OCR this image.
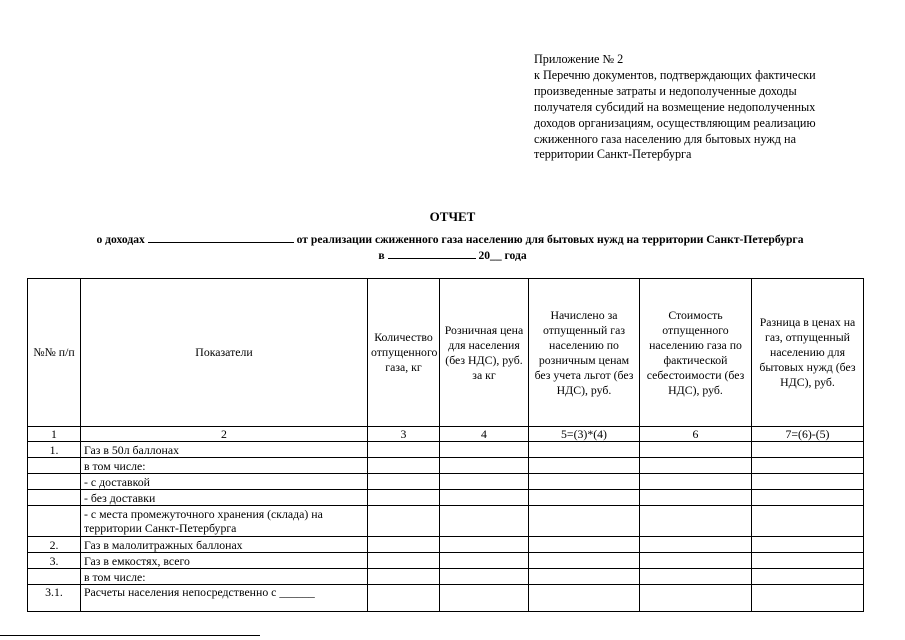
Приложение № 2
к Перечню документов, подтверждающих фактически
произведенные затраты и недополученные доходы
получателя субсидий на возмещение недополученных
доходов организациям, осуществляющим реализацию
сжиженного газа населению для бытовых нужд на
территории Санкт-Петербурга
ОТЧЕТ
о доходах	от реализации сжиженного газа населению для бытовых нужд на территории Санкт-Петербурга
в	20__ года
№№ п/п	Показатели	Количество отпущенного газа, кг	Розничная цена для населения (без НДС), руб. за кг	Начислено за отпущенный газ населению по розничным ценам без учета льгот (без НДС), руб.	Стоимость отпущенного населению газа по фактической себестоимости (без НДС), руб.	Разница в ценах на газ, отпущенный населению для бытовых нужд (без НДС), руб.
1	2	3	4	5=(3)*(4)	6	7=(6)-(5)
1.	Газ в 50л баллонах					
	в том числе:					
	- с доставкой					
	- без доставки					
	- с места промежуточного хранения (склада) на территории Санкт-Петербурга					
2.	Газ в малолитражных баллонах					
3.	Газ в емкостях, всего					
	в том числе:					
3.1.	Расчеты населения непосредственно с ______					
